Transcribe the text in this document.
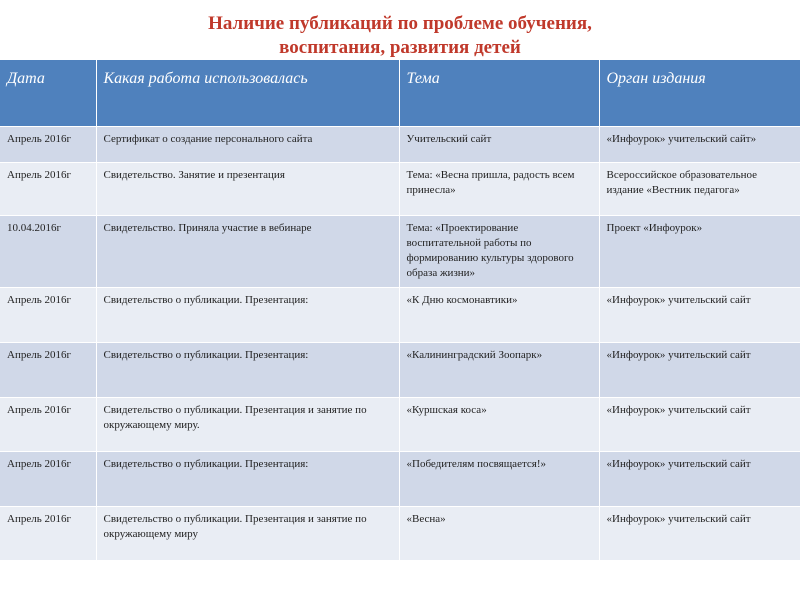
Наличие публикаций по проблеме обучения,
воспитания, развития детей
Дата	Какая работа использовалась	Тема	Орган издания
Апрель 2016г	Сертификат о создание персонального сайта	Учительский сайт	«Инфоурок» учительский сайт»
Апрель 2016г	Свидетельство. Занятие и презентация	Тема: «Весна пришла, радость всем принесла»	Всероссийское образовательное издание «Вестник педагога»
10.04.2016г	Свидетельство. Приняла участие в вебинаре	Тема: «Проектирование воспитательной работы по формированию культуры здорового образа жизни»	Проект «Инфоурок»
Апрель 2016г	Свидетельство о публикации. Презентация:	«К Дню космонавтики»	«Инфоурок» учительский сайт
Апрель 2016г	Свидетельство о публикации. Презентация:	«Калининградский Зоопарк»	«Инфоурок» учительский сайт
Апрель 2016г	Свидетельство о публикации. Презентация и занятие по окружающему миру.	«Куршская коса»	«Инфоурок» учительский сайт
Апрель 2016г	Свидетельство о публикации. Презентация:	«Победителям посвящается!»	«Инфоурок» учительский сайт
Апрель 2016г	Свидетельство о публикации. Презентация и занятие по окружающему миру	«Весна»	«Инфоурок» учительский сайт
